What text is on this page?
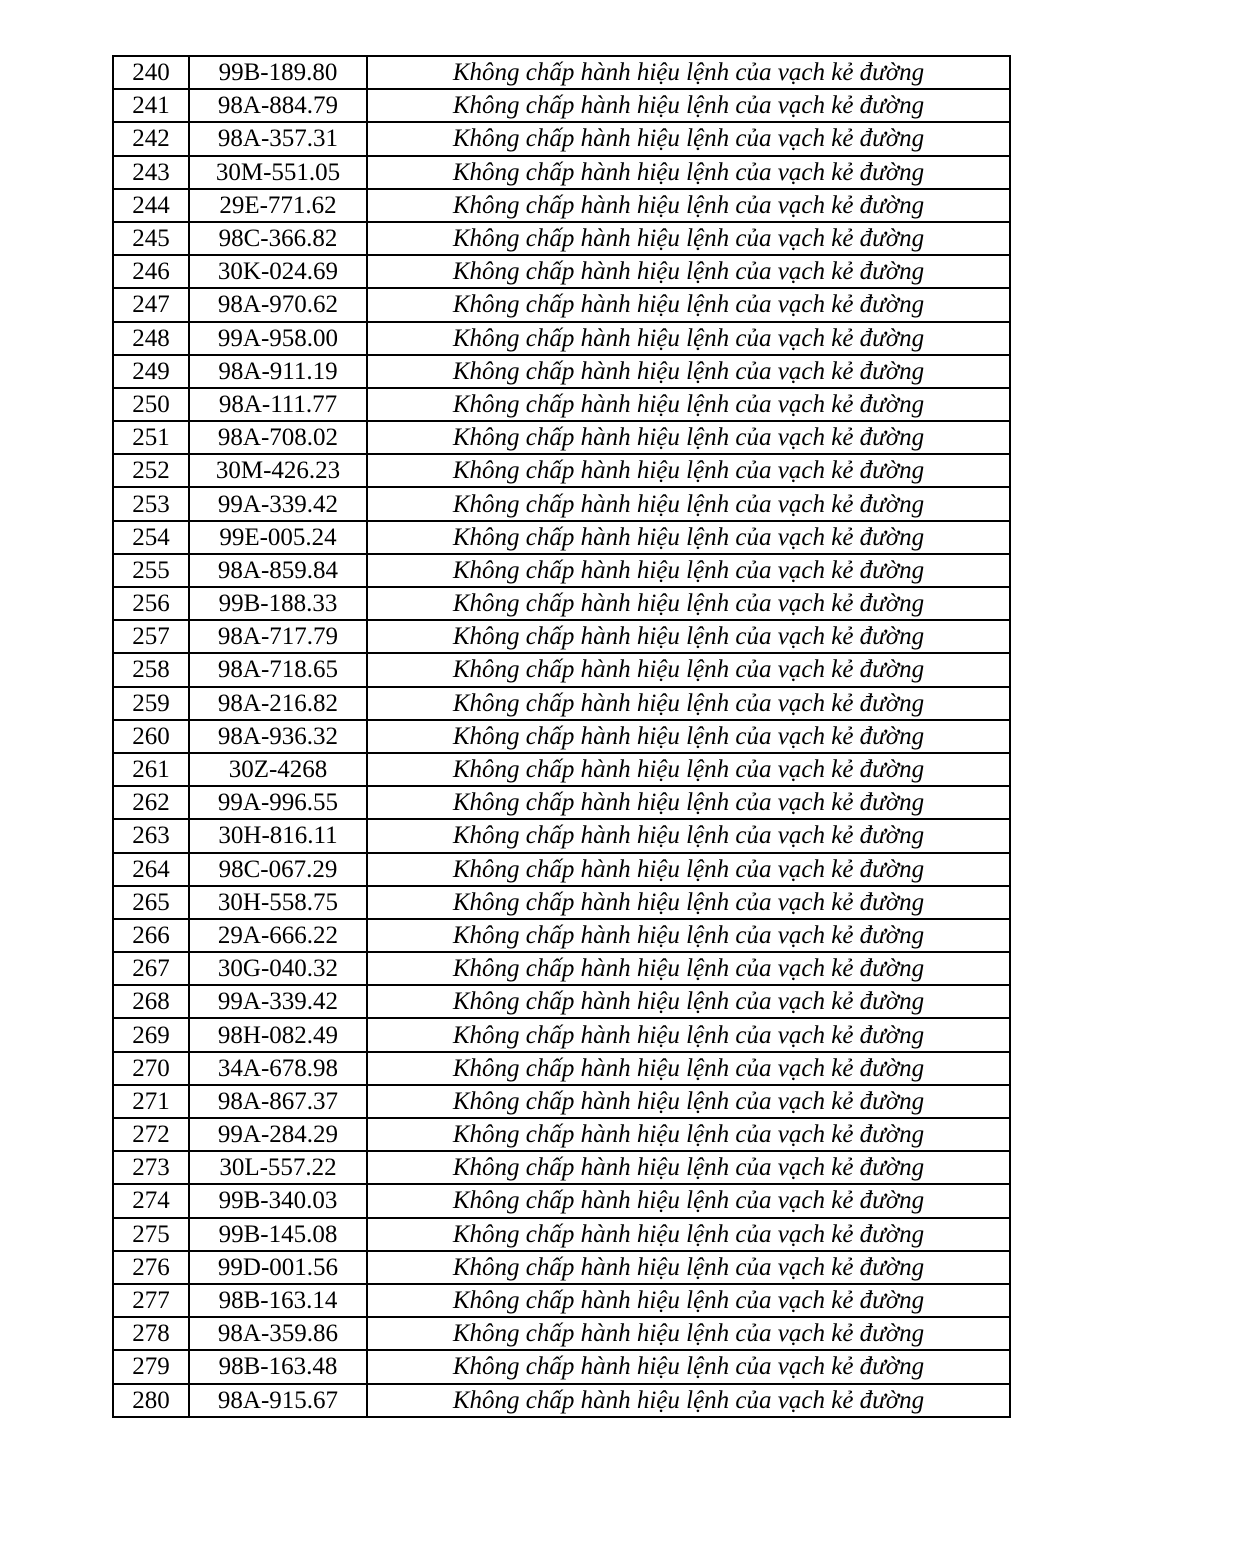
240	99B-189.80	Không chấp hành hiệu lệnh của vạch kẻ đường
241	98A-884.79	Không chấp hành hiệu lệnh của vạch kẻ đường
242	98A-357.31	Không chấp hành hiệu lệnh của vạch kẻ đường
243	30M-551.05	Không chấp hành hiệu lệnh của vạch kẻ đường
244	29E-771.62	Không chấp hành hiệu lệnh của vạch kẻ đường
245	98C-366.82	Không chấp hành hiệu lệnh của vạch kẻ đường
246	30K-024.69	Không chấp hành hiệu lệnh của vạch kẻ đường
247	98A-970.62	Không chấp hành hiệu lệnh của vạch kẻ đường
248	99A-958.00	Không chấp hành hiệu lệnh của vạch kẻ đường
249	98A-911.19	Không chấp hành hiệu lệnh của vạch kẻ đường
250	98A-111.77	Không chấp hành hiệu lệnh của vạch kẻ đường
251	98A-708.02	Không chấp hành hiệu lệnh của vạch kẻ đường
252	30M-426.23	Không chấp hành hiệu lệnh của vạch kẻ đường
253	99A-339.42	Không chấp hành hiệu lệnh của vạch kẻ đường
254	99E-005.24	Không chấp hành hiệu lệnh của vạch kẻ đường
255	98A-859.84	Không chấp hành hiệu lệnh của vạch kẻ đường
256	99B-188.33	Không chấp hành hiệu lệnh của vạch kẻ đường
257	98A-717.79	Không chấp hành hiệu lệnh của vạch kẻ đường
258	98A-718.65	Không chấp hành hiệu lệnh của vạch kẻ đường
259	98A-216.82	Không chấp hành hiệu lệnh của vạch kẻ đường
260	98A-936.32	Không chấp hành hiệu lệnh của vạch kẻ đường
261	30Z-4268	Không chấp hành hiệu lệnh của vạch kẻ đường
262	99A-996.55	Không chấp hành hiệu lệnh của vạch kẻ đường
263	30H-816.11	Không chấp hành hiệu lệnh của vạch kẻ đường
264	98C-067.29	Không chấp hành hiệu lệnh của vạch kẻ đường
265	30H-558.75	Không chấp hành hiệu lệnh của vạch kẻ đường
266	29A-666.22	Không chấp hành hiệu lệnh của vạch kẻ đường
267	30G-040.32	Không chấp hành hiệu lệnh của vạch kẻ đường
268	99A-339.42	Không chấp hành hiệu lệnh của vạch kẻ đường
269	98H-082.49	Không chấp hành hiệu lệnh của vạch kẻ đường
270	34A-678.98	Không chấp hành hiệu lệnh của vạch kẻ đường
271	98A-867.37	Không chấp hành hiệu lệnh của vạch kẻ đường
272	99A-284.29	Không chấp hành hiệu lệnh của vạch kẻ đường
273	30L-557.22	Không chấp hành hiệu lệnh của vạch kẻ đường
274	99B-340.03	Không chấp hành hiệu lệnh của vạch kẻ đường
275	99B-145.08	Không chấp hành hiệu lệnh của vạch kẻ đường
276	99D-001.56	Không chấp hành hiệu lệnh của vạch kẻ đường
277	98B-163.14	Không chấp hành hiệu lệnh của vạch kẻ đường
278	98A-359.86	Không chấp hành hiệu lệnh của vạch kẻ đường
279	98B-163.48	Không chấp hành hiệu lệnh của vạch kẻ đường
280	98A-915.67	Không chấp hành hiệu lệnh của vạch kẻ đường
